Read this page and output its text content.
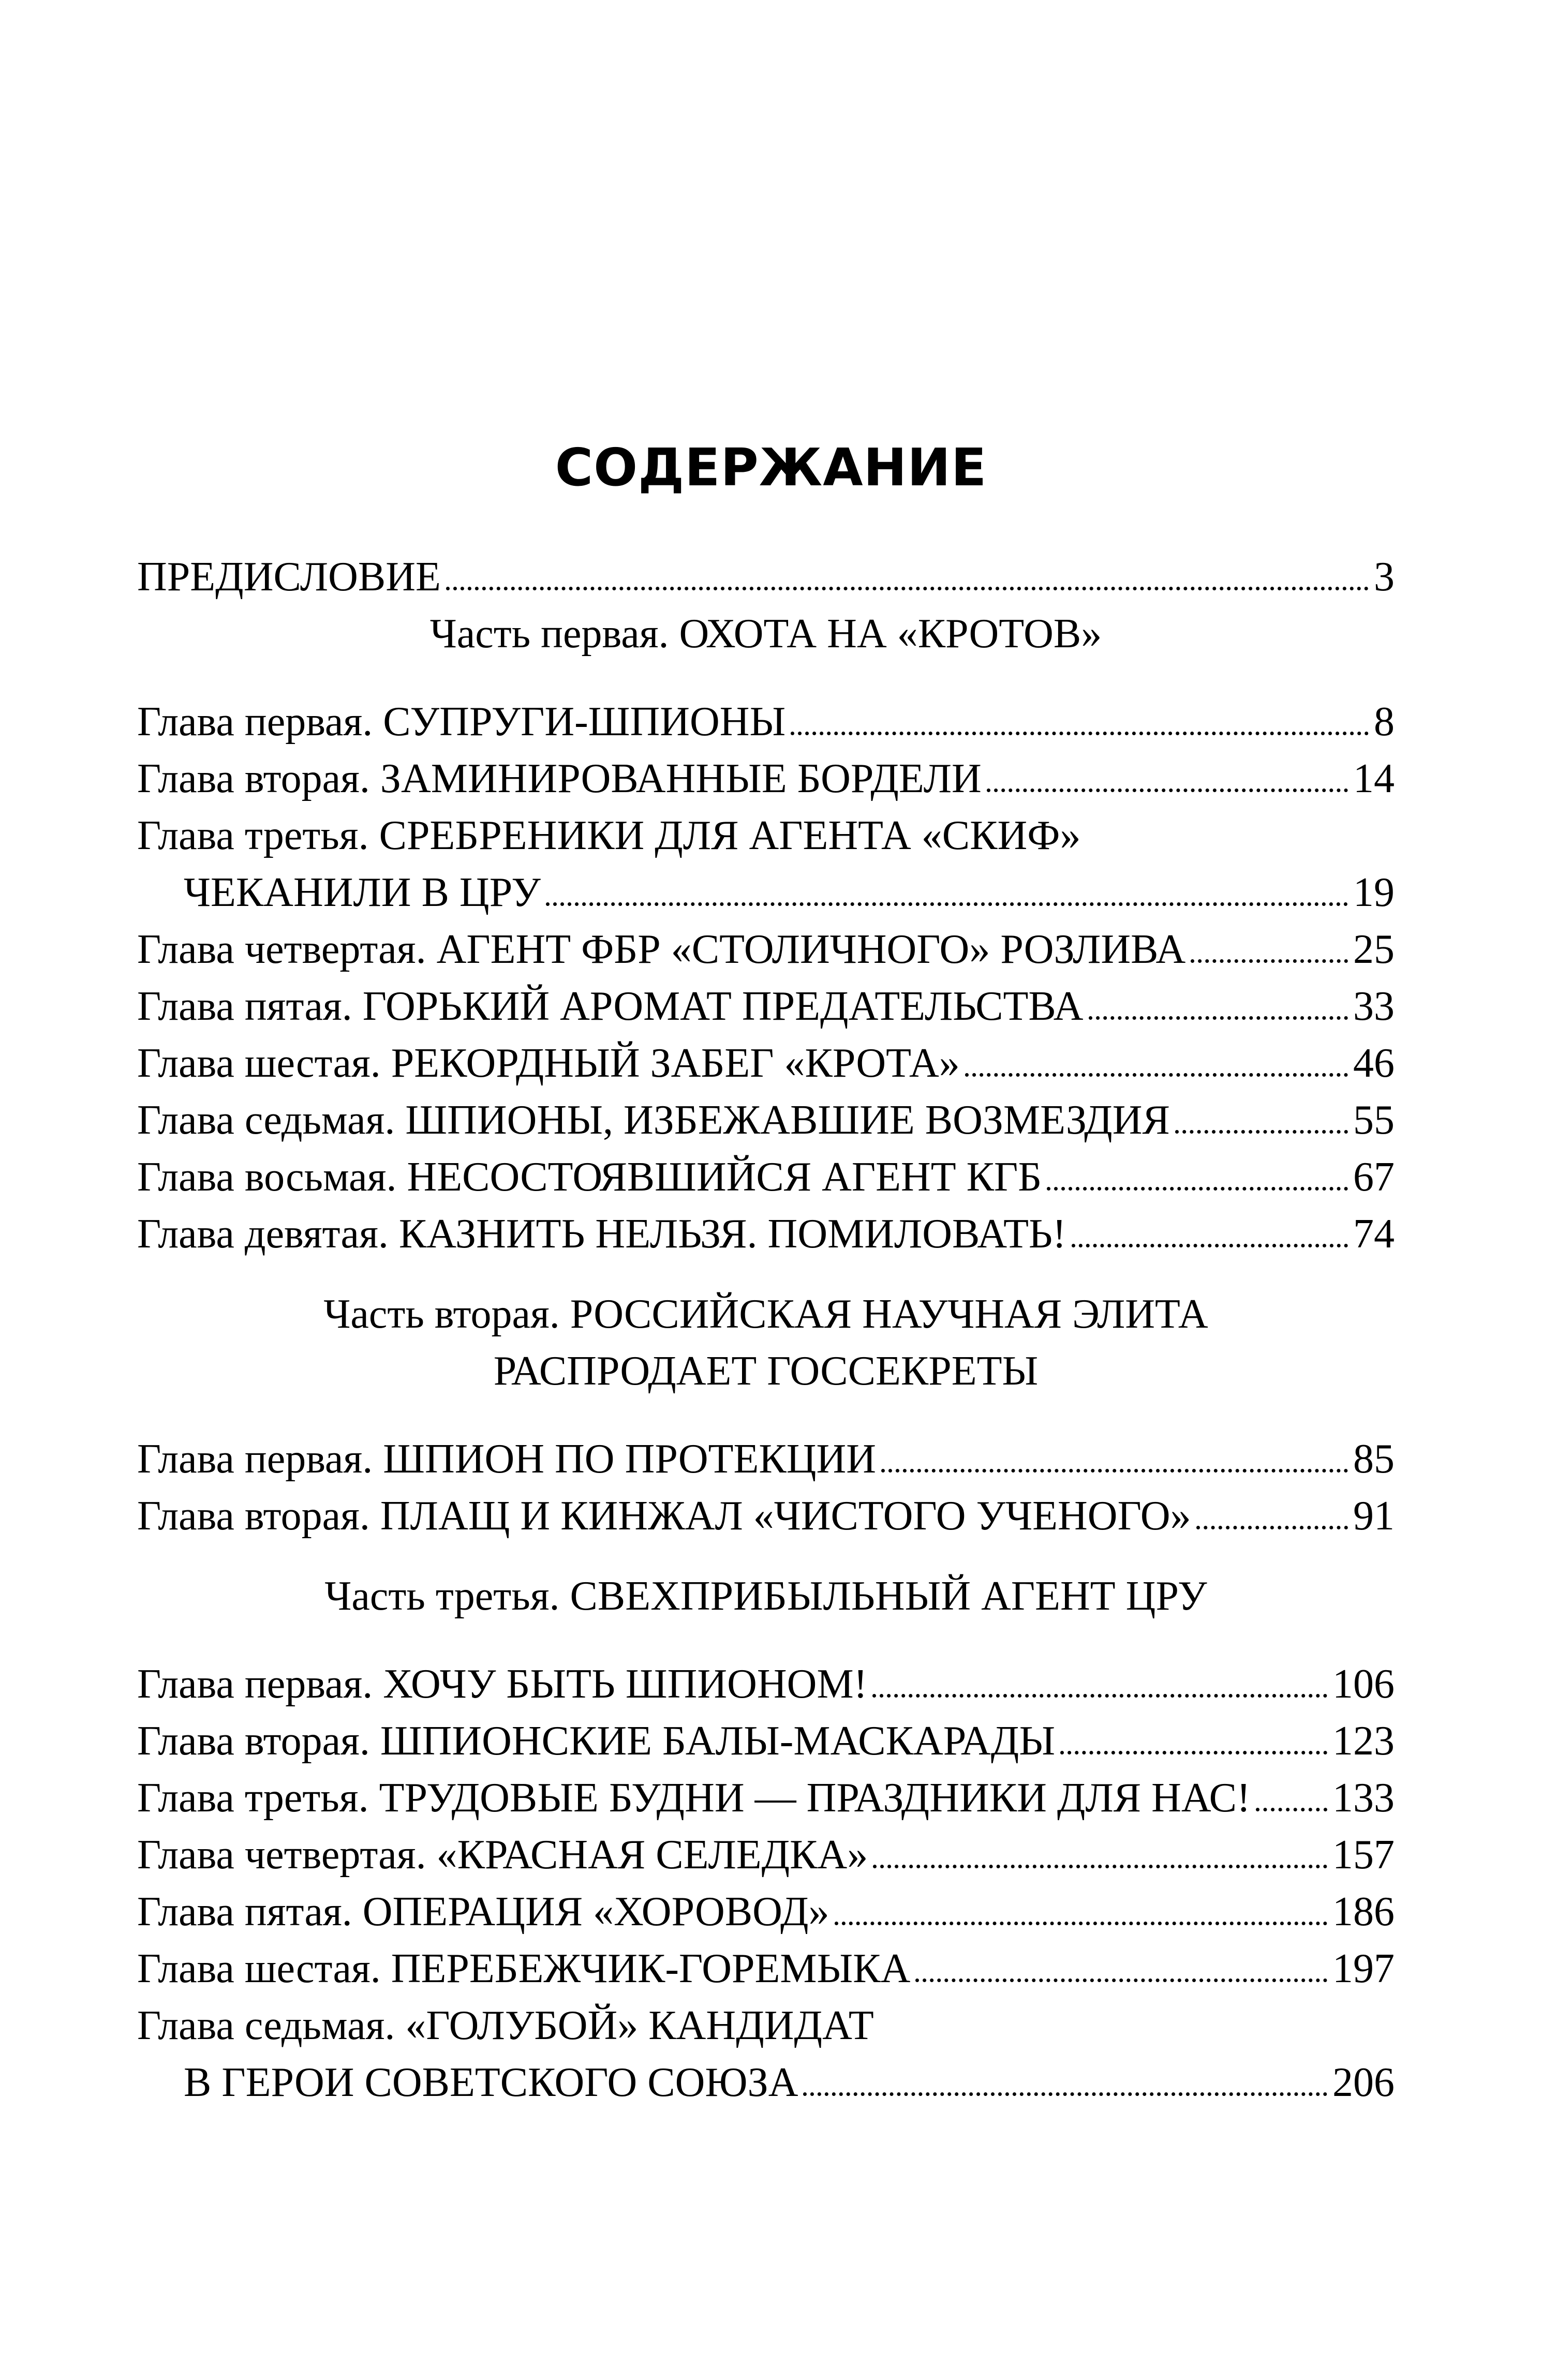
СОДЕРЖАНИЕ
ПРЕДИСЛОВИЕ	3
Часть первая. ОХОТА НА «КРОТОВ»
Глава первая. СУПРУГИ-ШПИОНЫ	8
Глава вторая. ЗАМИНИРОВАННЫЕ БОРДЕЛИ	14
Глава третья. СРЕБРЕНИКИ ДЛЯ АГЕНТА «СКИФ»
ЧЕКАНИЛИ В ЦРУ	19
Глава четвертая. АГЕНТ ФБР «СТОЛИЧНОГО» РОЗЛИВА	25
Глава пятая. ГОРЬКИЙ АРОМАТ ПРЕДАТЕЛЬСТВА	33
Глава шестая. РЕКОРДНЫЙ ЗАБЕГ «КРОТА»	46
Глава седьмая. ШПИОНЫ, ИЗБЕЖАВШИЕ ВОЗМЕЗДИЯ	55
Глава восьмая. НЕСОСТОЯВШИЙСЯ АГЕНТ КГБ	67
Глава девятая. КАЗНИТЬ НЕЛЬЗЯ. ПОМИЛОВАТЬ!	74
Часть вторая. РОССИЙСКАЯ НАУЧНАЯ ЭЛИТА
РАСПРОДАЕТ ГОССЕКРЕТЫ
Глава первая. ШПИОН ПО ПРОТЕКЦИИ	85
Глава вторая. ПЛАЩ И КИНЖАЛ «ЧИСТОГО УЧЕНОГО»	91
Часть третья. СВЕХПРИБЫЛЬНЫЙ АГЕНТ ЦРУ
Глава первая. ХОЧУ БЫТЬ ШПИОНОМ!	106
Глава вторая. ШПИОНСКИЕ БАЛЫ-МАСКАРАДЫ	123
Глава третья. ТРУДОВЫЕ БУДНИ — ПРАЗДНИКИ ДЛЯ НАС! 133
Глава четвертая. «КРАСНАЯ СЕЛЕДКА»	157
Глава пятая. ОПЕРАЦИЯ «ХОРОВОД»	186
Глава шестая. ПЕРЕБЕЖЧИК-ГОРЕМЫКА	197
Глава седьмая. «ГОЛУБОЙ» КАНДИДАТ
В ГЕРОИ СОВЕТСКОГО СОЮЗА	206
